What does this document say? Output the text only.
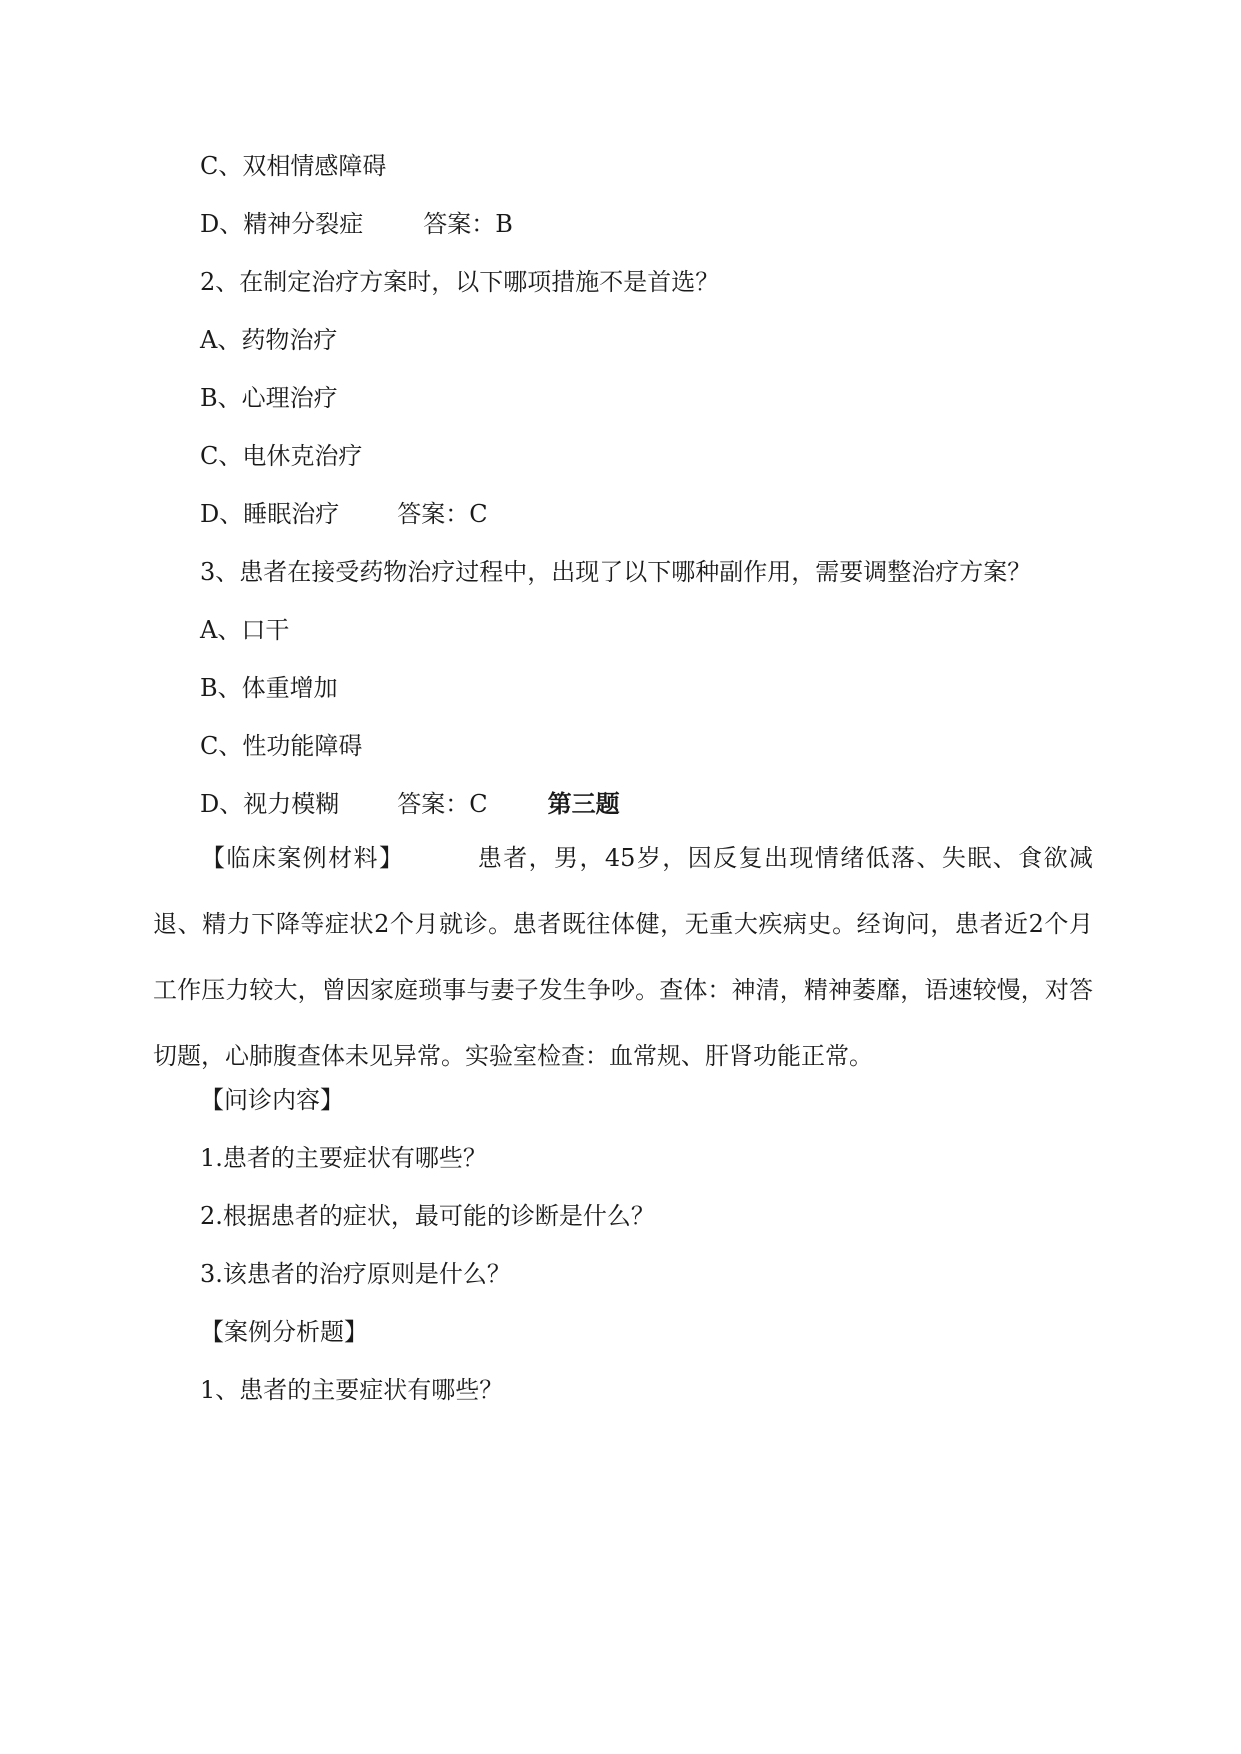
C、双相情感障碍
D、精神分裂症	答案：B
2、在制定治疗方案时，以下哪项措施不是首选？
A、药物治疗
B、心理治疗
C、电休克治疗
D、睡眠治疗 答案：C
3、患者在接受药物治疗过程中，出现了以下哪种副作用，需要调整治疗方案？
A、口干
B、体重增加
C、性功能障碍
D、视力模糊 答案：C	第三题
【临床案例材料】	患者，男，45岁，因反复出现情绪低落、失眠、食欲减退、精力下降等症状2个月就诊。患者既往体健，无重大疾病史。经询问，患者近2个月工作压力较大，曾因家庭琐事与妻子发生争吵。查体：神清，精神萎靡，语速较慢，对答切题，心肺腹查体未见异常。实验室检查：血常规、肝肾功能正常。
【问诊内容】
1.患者的主要症状有哪些？
2.根据患者的症状，最可能的诊断是什么？
3.该患者的治疗原则是什么？
【案例分析题】
1、患者的主要症状有哪些？
